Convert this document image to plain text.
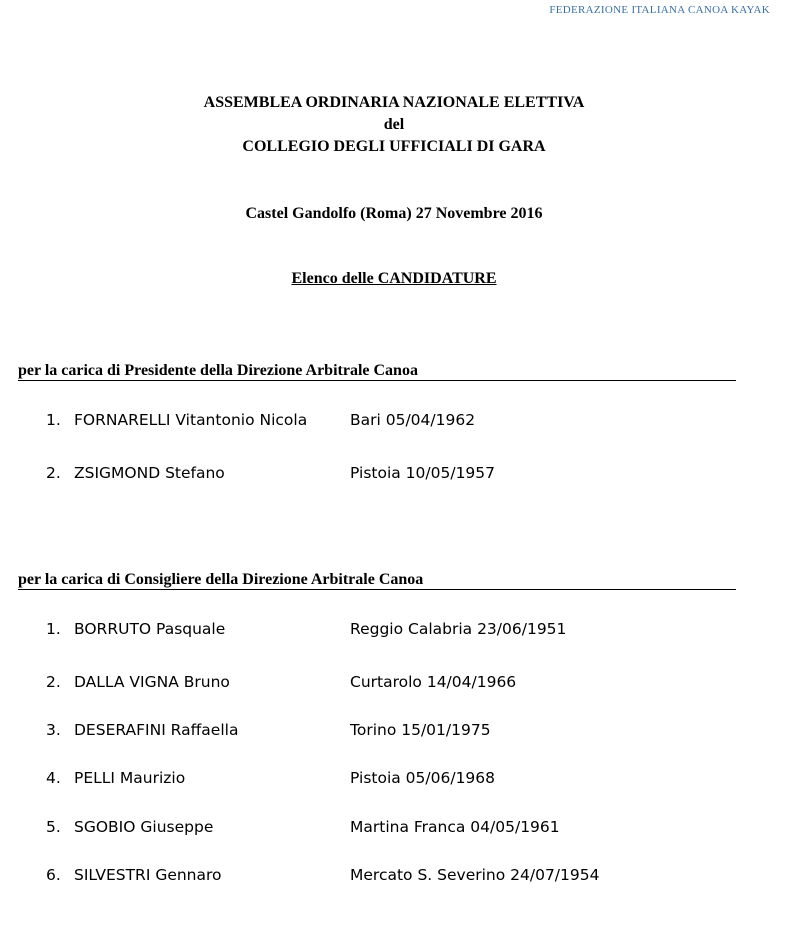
FEDERAZIONE ITALIANA CANOA KAYAK
ASSEMBLEA ORDINARIA NAZIONALE ELETTIVA
del
COLLEGIO DEGLI UFFICIALI DI GARA
Castel Gandolfo (Roma) 27 Novembre 2016
Elenco delle CANDIDATURE
per la carica di Presidente della Direzione Arbitrale Canoa
1. FORNARELLI Vitantonio Nicola	Bari 05/04/1962
2. ZSIGMOND Stefano	Pistoia 10/05/1957
per la carica di Consigliere della Direzione Arbitrale Canoa
1. BORRUTO Pasquale	Reggio Calabria 23/06/1951
2. DALLA VIGNA Bruno	Curtarolo 14/04/1966
3. DESERAFINI Raffaella	Torino 15/01/1975
4. PELLI Maurizio	Pistoia 05/06/1968
5. SGOBIO Giuseppe	Martina Franca 04/05/1961
6. SILVESTRI Gennaro	Mercato S. Severino 24/07/1954
